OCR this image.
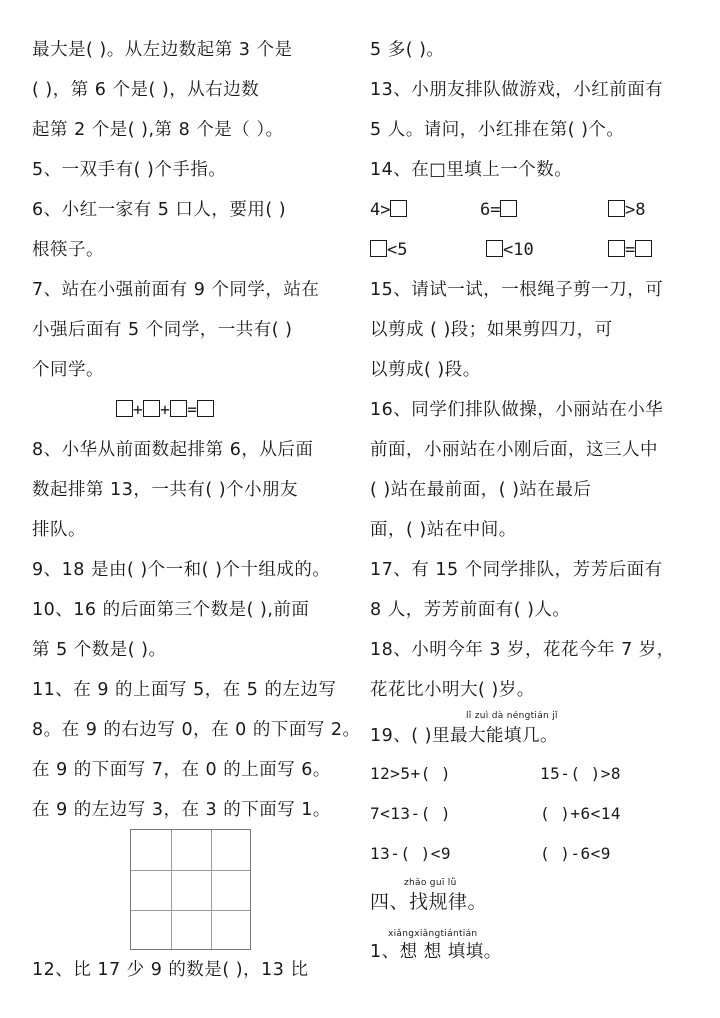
最大是( )。从左边数起第 3 个是
( )，第 6 个是( )，从右边数
起第 2 个是( ),第 8 个是（ ）。
5、一双手有( )个手指。
6、小红一家有 5 口人，要用( )
根筷子。
7、站在小强前面有 9 个同学，站在
小强后面有 5 个同学，一共有( )
个同学。
+ + =
8、小华从前面数起排第 6，从后面
数起排第 13，一共有( )个小朋友
排队。
9、18 是由( )个一和( )个十组成的。
10、16 的后面第三个数是( ),前面
第 5 个数是( )。
11、在 9 的上面写 5，在 5 的左边写
8。在 9 的右边写 0，在 0 的下面写 2。
在 9 的下面写 7，在 0 的上面写 6。
在 9 的左边写 3，在 3 的下面写 1。
12、比 17 少 9 的数是( )，13 比
5 多( )。
13、小朋友排队做游戏，小红前面有
5 人。请问，小红排在第( )个。
14、在□里填上一个数。
4>	6=	>8
<5	<10	=
15、请试一试，一根绳子剪一刀，可
以剪成 ( )段；如果剪四刀，可
以剪成( )段。
16、同学们排队做操，小丽站在小华
前面，小丽站在小刚后面，这三人中
( )站在最前面，( )站在最后
面，( )站在中间。
17、有 15 个同学排队，芳芳后面有
8 人，芳芳前面有( )人。
18、小明今年 3 岁，花花今年 7 岁，
花花比小明大( )岁。
lǐ zuì dà néngtián jǐ
19、( )里最大能填几。
12>5+( )	15-( )>8
7<13-( )	( )+6<14
13-( )<9	( )-6<9
zhǎo guī lǜ
四、找规律。
xiǎngxiǎngtiántián
1、想 想 填填。
